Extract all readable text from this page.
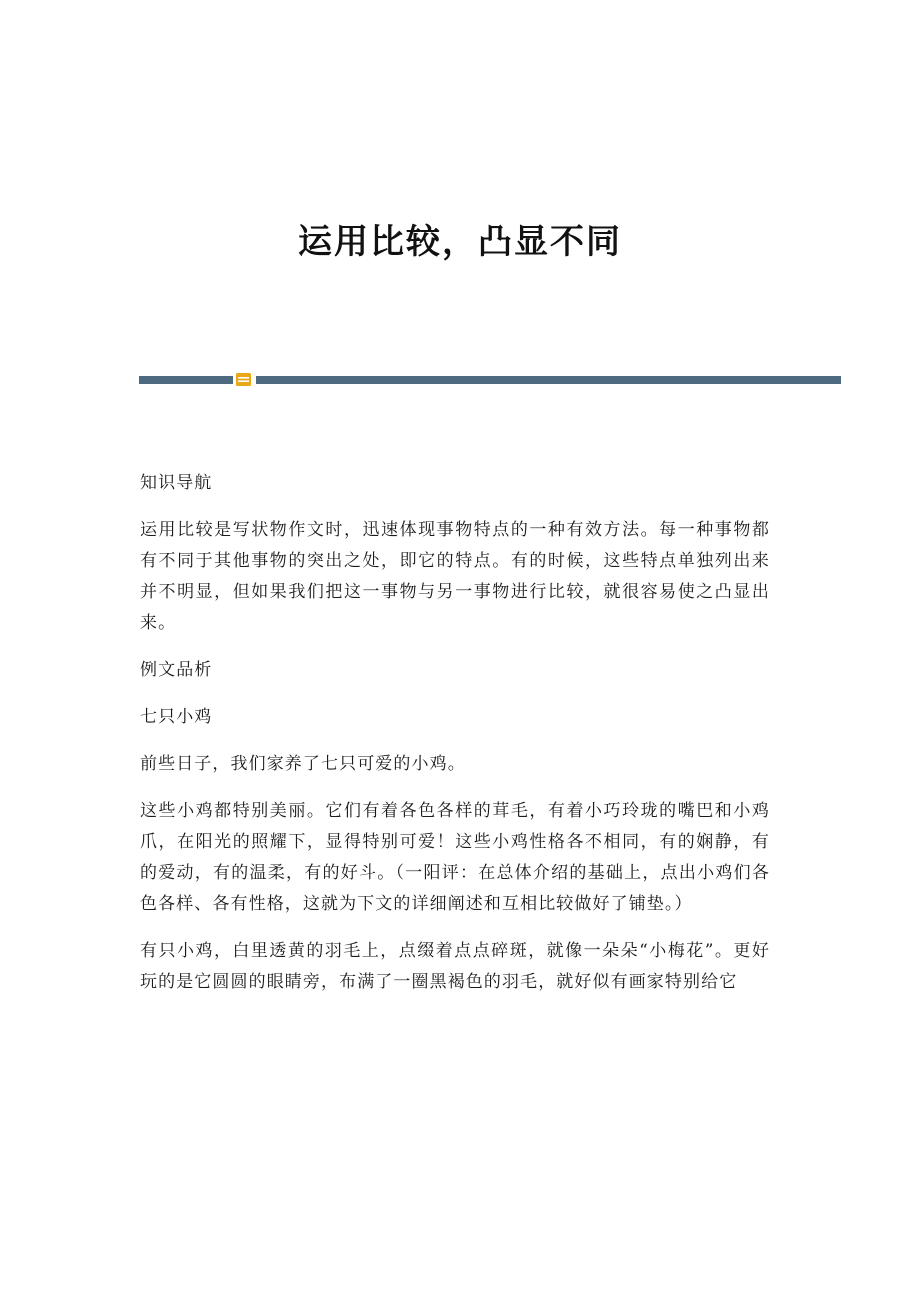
运用比较，凸显不同

知识导航

运用比较是写状物作文时，迅速体现事物特点的一种有效方法。每一种事物都有不同于其他事物的突出之处，即它的特点。有的时候，这些特点单独列出来并不明显，但如果我们把这一事物与另一事物进行比较，就很容易使之凸显出来。

例文品析

七只小鸡

前些日子，我们家养了七只可爱的小鸡。

这些小鸡都特别美丽。它们有着各色各样的茸毛，有着小巧玲珑的嘴巴和小鸡爪，在阳光的照耀下，显得特别可爱！这些小鸡性格各不相同，有的娴静，有的爱动，有的温柔，有的好斗。（一阳评：在总体介绍的基础上，点出小鸡们各色各样、各有性格，这就为下文的详细阐述和互相比较做好了铺垫。）

有只小鸡，白里透黄的羽毛上，点缀着点点碎斑，就像一朵朵“小梅花”。更好玩的是它圆圆的眼睛旁，布满了一圈黑褐色的羽毛，就好似有画家特别给它
